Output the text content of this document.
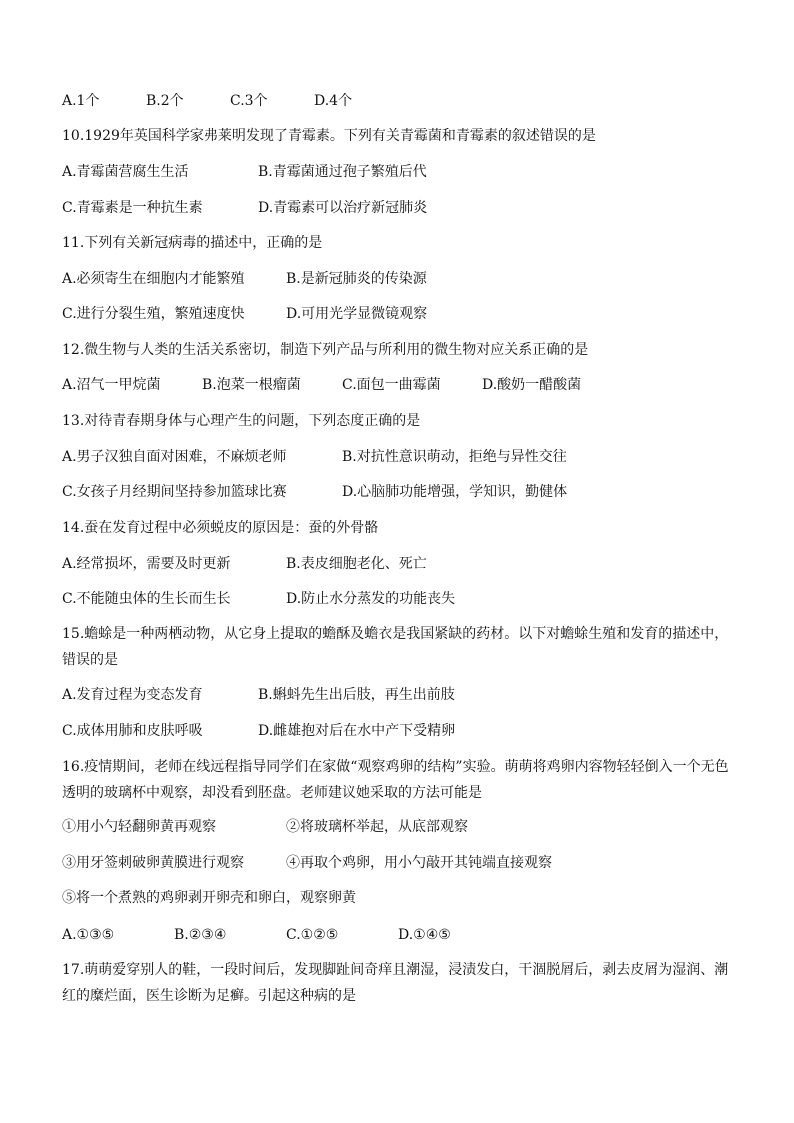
A.1个	B.2个	C.3个	D.4个
10.1929年英国科学家弗莱明发现了青霉素。下列有关青霉菌和青霉素的叙述错误的是
A.青霉菌营腐生生活	B.青霉菌通过孢子繁殖后代
C.青霉素是一种抗生素	D.青霉素可以治疗新冠肺炎
11.下列有关新冠病毒的描述中，正确的是
A.必须寄生在细胞内才能繁殖	B.是新冠肺炎的传染源
C.进行分裂生殖，繁殖速度快	D.可用光学显微镜观察
12.微生物与人类的生活关系密切，制造下列产品与所利用的微生物对应关系正确的是
A.沼气一甲烷菌	B.泡菜一根瘤菌	C.面包一曲霉菌	D.酸奶一醋酸菌
13.对待青春期身体与心理产生的问题，下列态度正确的是
A.男子汉独自面对困难，不麻烦老师	B.对抗性意识萌动，拒绝与异性交往
C.女孩子月经期间坚持参加篮球比赛	D.心脑肺功能增强，学知识，勤健体
14.蚕在发育过程中必须蜕皮的原因是：蚕的外骨骼
A.经常损坏，需要及时更新	B.表皮细胞老化、死亡
C.不能随虫体的生长而生长	D.防止水分蒸发的功能丧失
15.蟾蜍是一种两栖动物，从它身上提取的蟾酥及蟾衣是我国紧缺的药材。以下对蟾蜍生殖和发育的描述中，错误的是
A.发育过程为变态发育	B.蝌蚪先生出后肢，再生出前肢
C.成体用肺和皮肤呼吸	D.雌雄抱对后在水中产下受精卵
16.疫情期间，老师在线远程指导同学们在家做“观察鸡卵的结构”实验。萌萌将鸡卵内容物轻轻倒入一个无色透明的玻璃杯中观察，却没看到胚盘。老师建议她采取的方法可能是
①用小勺轻翻卵黄再观察	②将玻璃杯举起，从底部观察
③用牙签刺破卵黄膜进行观察	④再取个鸡卵，用小勺敲开其钝端直接观察
⑤将一个煮熟的鸡卵剥开卵壳和卵白，观察卵黄
A.①③⑤	B.②③④	C.①②⑤	D.①④⑤
17.萌萌爱穿别人的鞋，一段时间后，发现脚趾间奇痒且潮湿，浸渍发白，干涸脱屑后，剥去皮屑为湿润、潮红的糜烂面，医生诊断为足癣。引起这种病的是
